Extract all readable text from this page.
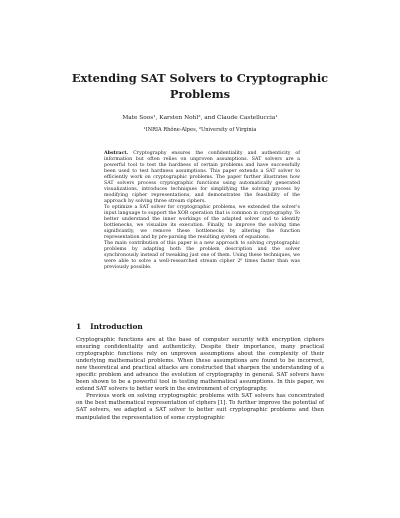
Extending SAT Solvers to Cryptographic
Problems
Mate Soos¹, Karsten Nohl², and Claude Castelluccia¹
¹INRIA Rhône-Alpes, ²University of Virginia

Abstract. Cryptography ensures the confidentiality and authenticity of information but often relies on unproven assumptions. SAT solvers are a powerful tool to test the hardness of certain problems and have successfully been used to test hardness assumptions. This paper extends a SAT solver to efficiently work on cryptographic problems. The paper further illustrates how SAT solvers process cryptographic functions using automatically generated visualizations, introduces techniques for simplifying the solving process by modifying cipher representations, and demonstrates the feasibility of the approach by solving three stream ciphers.

To optimize a SAT solver for cryptographic problems, we extended the solver's input language to support the XOR operation that is common in cryptography. To better understand the inner workings of the adapted solver and to identify bottlenecks, we visualize its execution. Finally, to improve the solving time significantly, we remove these bottlenecks by altering the function representation and by pre-parsing the resulting system of equations.

The main contribution of this paper is a new approach to solving cryptographic problems by adapting both the problem description and the solver synchronously instead of tweaking just one of them. Using these techniques, we were able to solve a well-researched stream cipher 2⁶ times faster than was previously possible.

1 Introduction

Cryptographic functions are at the base of computer security with encryption ciphers ensuring confidentiality and authenticity. Despite their importance, many practical cryptographic functions rely on unproven assumptions about the complexity of their underlying mathematical problems. When these assumptions are found to be incorrect, new theoretical and practical attacks are constructed that sharpen the understanding of a specific problem and advance the evolution of cryptography in general. SAT solvers have been shown to be a powerful tool in testing mathematical assumptions. In this paper, we extend SAT solvers to better work in the environment of cryptography.

Previous work on solving cryptographic problems with SAT solvers has concentrated on the best mathematical representation of ciphers [1]. To further improve the potential of SAT solvers, we adapted a SAT solver to better suit cryptographic problems and then manipulated the representation of some cryptographic
